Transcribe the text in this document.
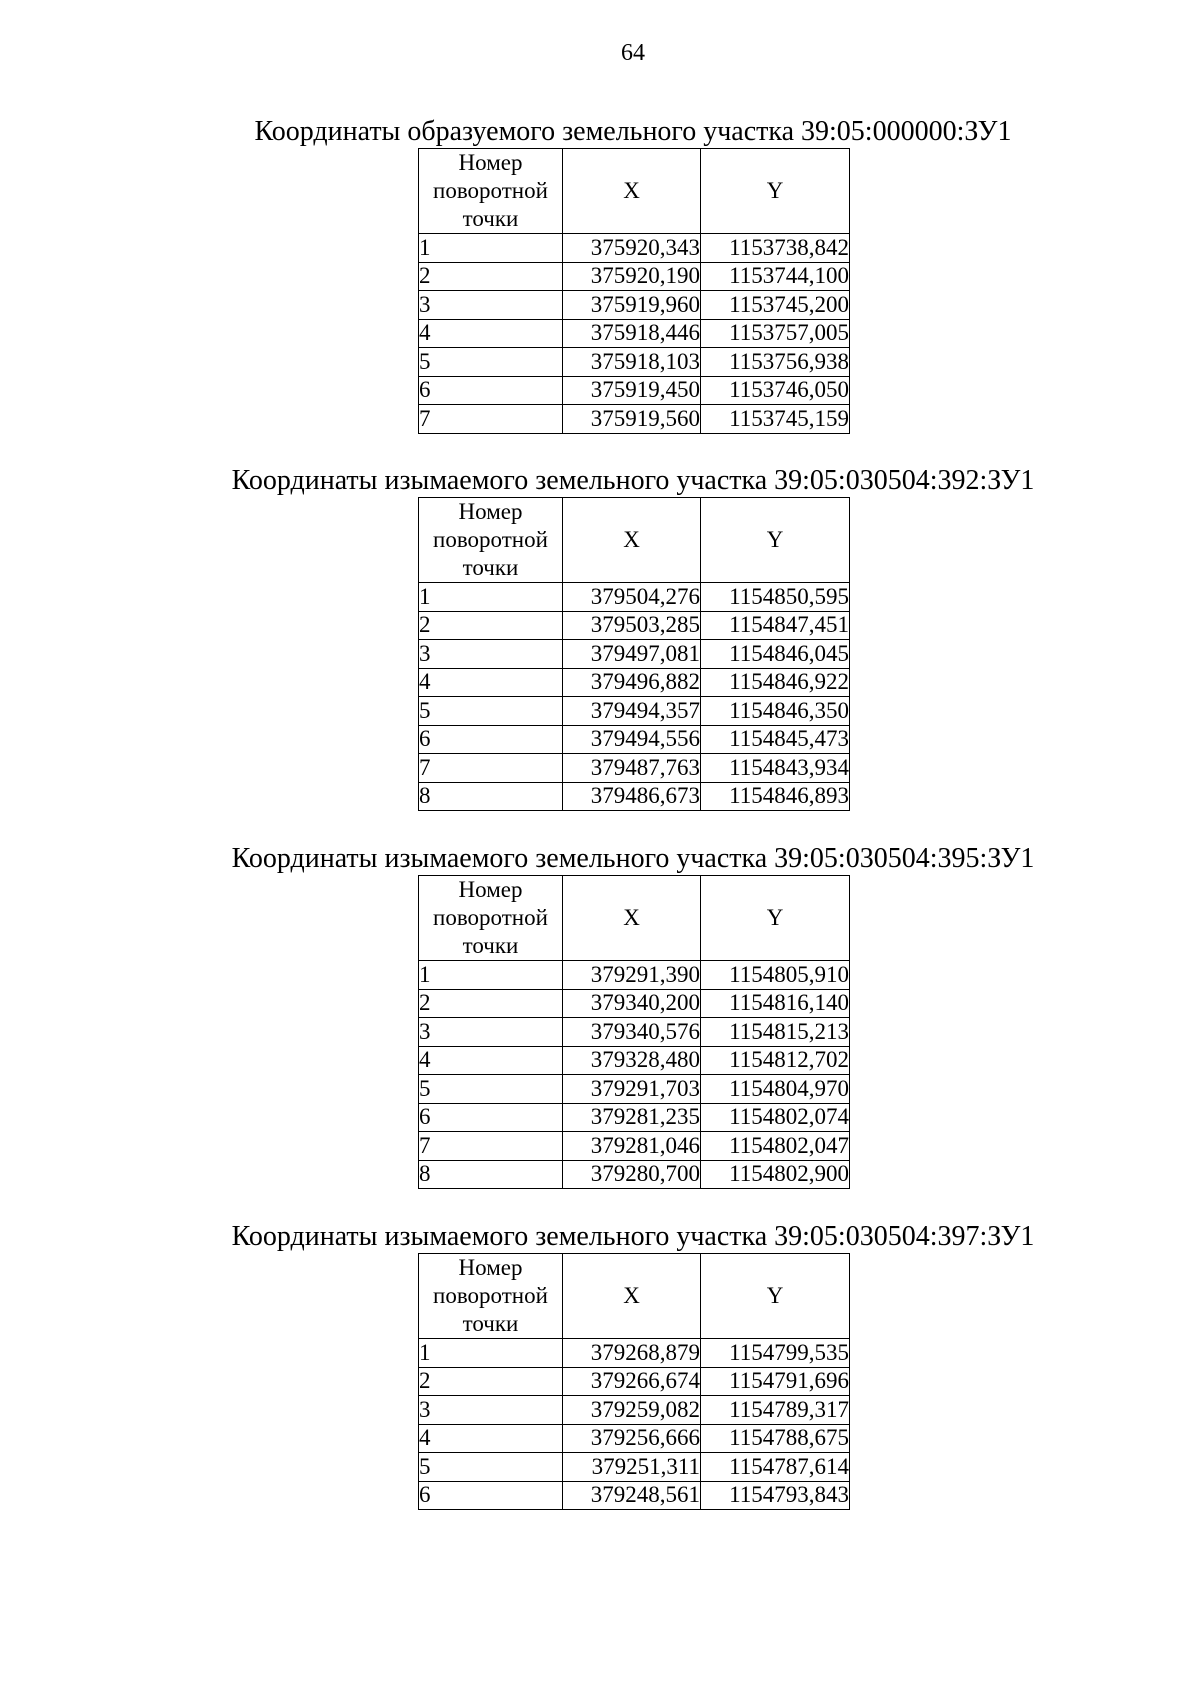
64
Координаты образуемого земельного участка 39:05:000000:ЗУ1
Номер
поворотной
точки	X	Y
1	375920,343	1153738,842
2	375920,190	1153744,100
3	375919,960	1153745,200
4	375918,446	1153757,005
5	375918,103	1153756,938
6	375919,450	1153746,050
7	375919,560	1153745,159
Координаты изымаемого земельного участка 39:05:030504:392:ЗУ1
Номер
поворотной
точки	X	Y
1	379504,276	1154850,595
2	379503,285	1154847,451
3	379497,081	1154846,045
4	379496,882	1154846,922
5	379494,357	1154846,350
6	379494,556	1154845,473
7	379487,763	1154843,934
8	379486,673	1154846,893
Координаты изымаемого земельного участка 39:05:030504:395:ЗУ1
Номер
поворотной
точки	X	Y
1	379291,390	1154805,910
2	379340,200	1154816,140
3	379340,576	1154815,213
4	379328,480	1154812,702
5	379291,703	1154804,970
6	379281,235	1154802,074
7	379281,046	1154802,047
8	379280,700	1154802,900
Координаты изымаемого земельного участка 39:05:030504:397:ЗУ1
Номер
поворотной
точки	X	Y
1	379268,879	1154799,535
2	379266,674	1154791,696
3	379259,082	1154789,317
4	379256,666	1154788,675
5	379251,311	1154787,614
6	379248,561	1154793,843
